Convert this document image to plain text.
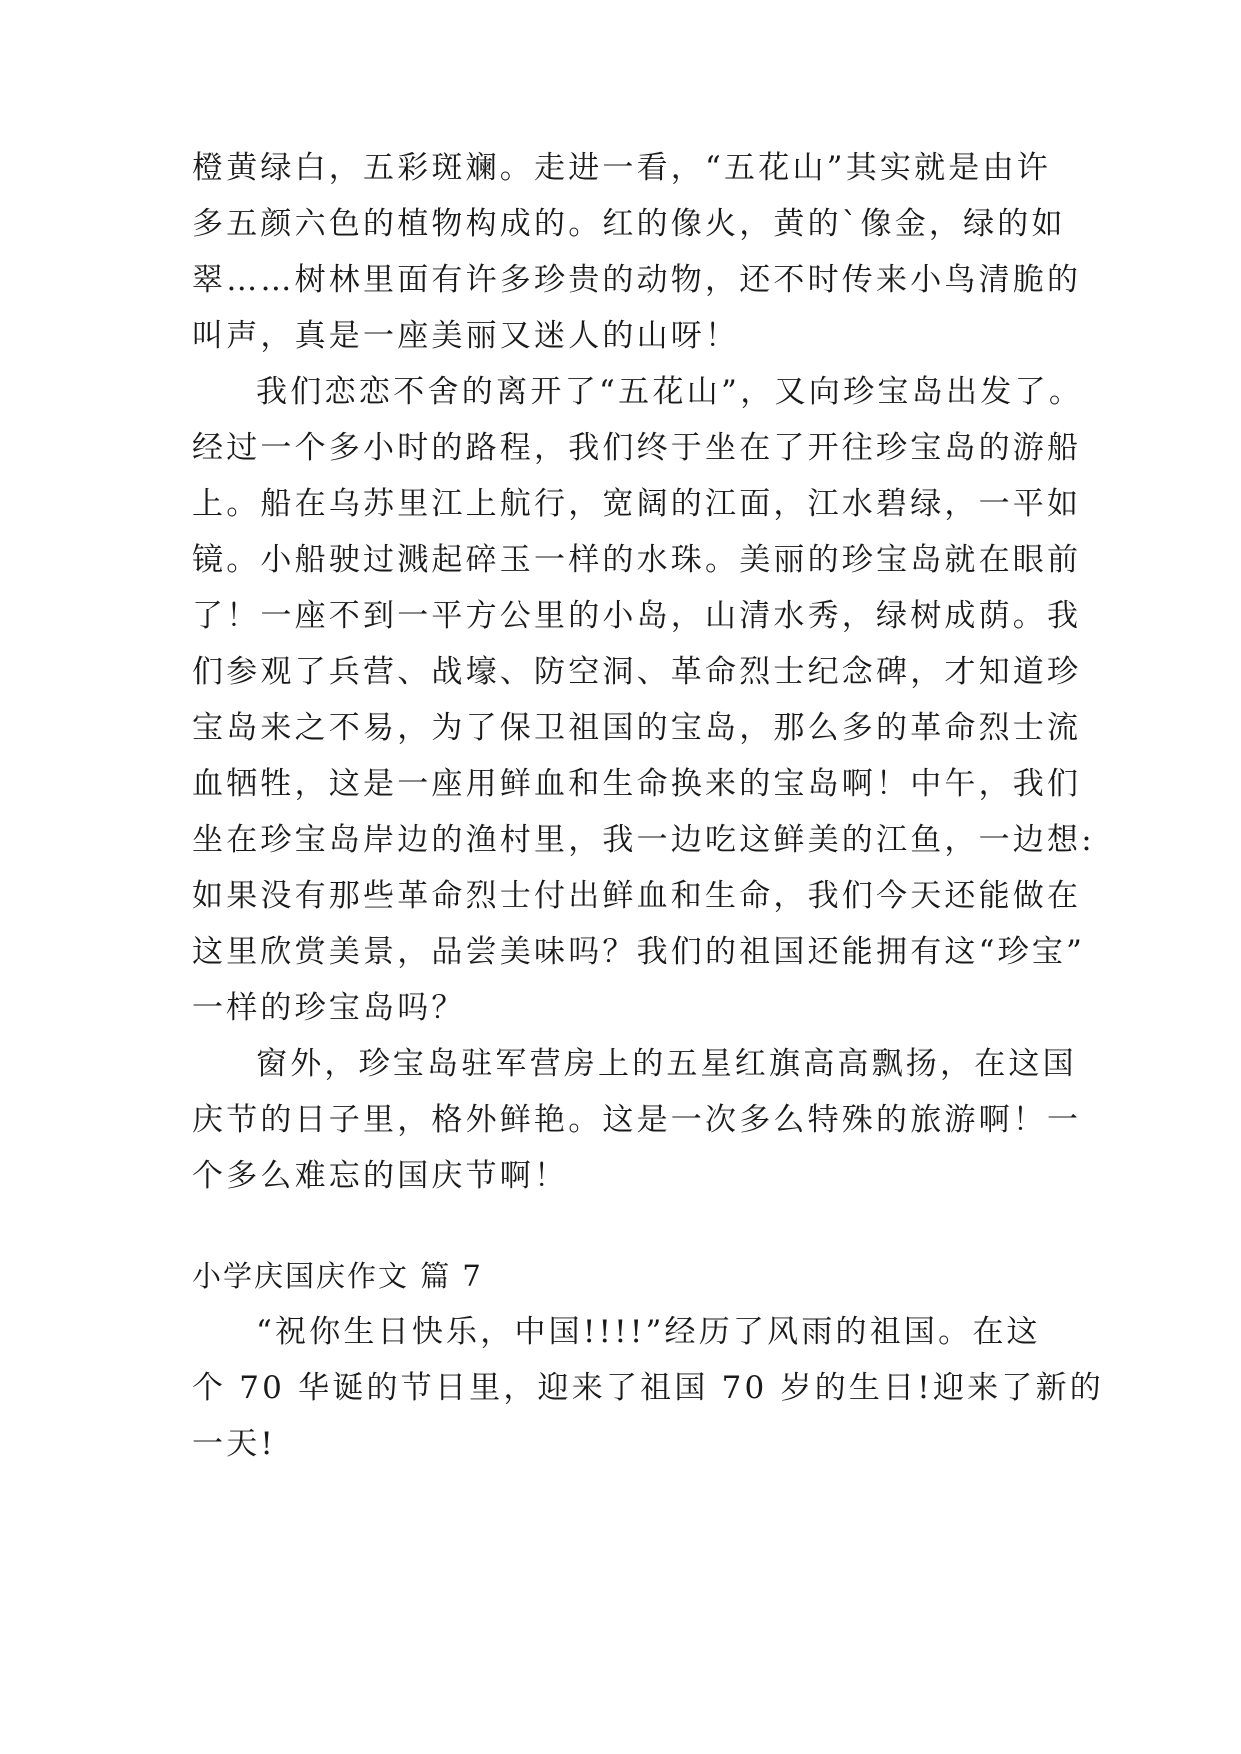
橙黄绿白，五彩斑斓。走进一看，“五花山”其实就是由许
多五颜六色的植物构成的。红的像火，黄的`像金，绿的如
翠……树林里面有许多珍贵的动物，还不时传来小鸟清脆的
叫声，真是一座美丽又迷人的山呀！
我们恋恋不舍的离开了“五花山”，又向珍宝岛出发了。
经过一个多小时的路程，我们终于坐在了开往珍宝岛的游船
上。船在乌苏里江上航行，宽阔的江面，江水碧绿，一平如
镜。小船驶过溅起碎玉一样的水珠。美丽的珍宝岛就在眼前
了！一座不到一平方公里的小岛，山清水秀，绿树成荫。我
们参观了兵营、战壕、防空洞、革命烈士纪念碑，才知道珍
宝岛来之不易，为了保卫祖国的宝岛，那么多的革命烈士流
血牺牲，这是一座用鲜血和生命换来的宝岛啊！中午，我们
坐在珍宝岛岸边的渔村里，我一边吃这鲜美的江鱼，一边想:
如果没有那些革命烈士付出鲜血和生命，我们今天还能做在
这里欣赏美景，品尝美味吗？我们的祖国还能拥有这“珍宝”
一样的珍宝岛吗？
窗外，珍宝岛驻军营房上的五星红旗高高飘扬，在这国
庆节的日子里，格外鲜艳。这是一次多么特殊的旅游啊！一
个多么难忘的国庆节啊！
小学庆国庆作文 篇 7
“祝你生日快乐，中国!!!!”经历了风雨的祖国。在这
个 70 华诞的节日里，迎来了祖国 70 岁的生日!迎来了新的
一天!
